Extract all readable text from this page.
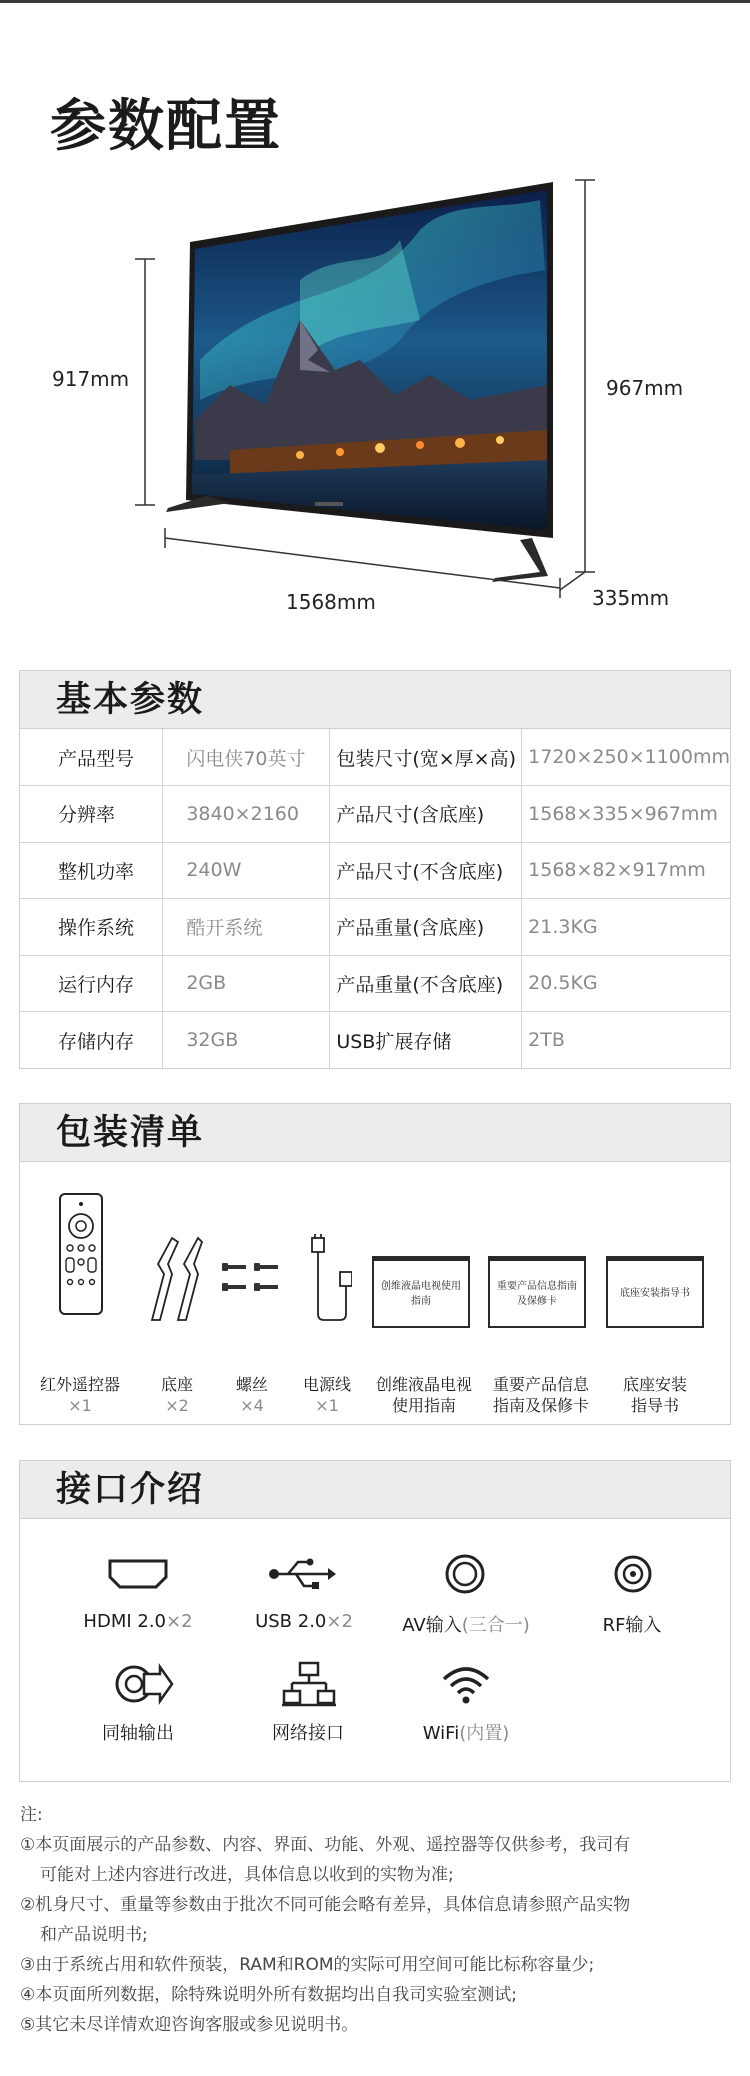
参数配置
917mm	967mm
1568mm	335mm
基本参数
产品型号	闪电侠70英寸	包装尺寸(宽×厚×高)	1720×250×1100mm
分辨率	3840×2160	产品尺寸(含底座)	1568×335×967mm
整机功率	240W	产品尺寸(不含底座)	1568×82×917mm
操作系统	酷开系统	产品重量(含底座)	21.3KG
运行内存	2GB	产品重量(不含底座)	20.5KG
存储内存	32GB	USB扩展存储	2TB
包装清单
创维液晶电视使用指南
重要产品信息指南及保修卡
底座安装指导书
红外遥控器
×1
底座
×2
螺丝
×4
电源线
×1
创维液晶电视
使用指南
重要产品信息
指南及保修卡
底座安装
指导书
接口介绍
HDMI 2.0×2	USB 2.0×2	AV输入(三合一)	RF输入
同轴输出	网络接口	WiFi(内置)
注:
①本页面展示的产品参数、内容、界面、功能、外观、遥控器等仅供参考，我司有
可能对上述内容进行改进，具体信息以收到的实物为准;
②机身尺寸、重量等参数由于批次不同可能会略有差异，具体信息请参照产品实物
和产品说明书;
③由于系统占用和软件预装，RAM和ROM的实际可用空间可能比标称容量少;
④本页面所列数据，除特殊说明外所有数据均出自我司实验室测试;
⑤其它未尽详情欢迎咨询客服或参见说明书。
